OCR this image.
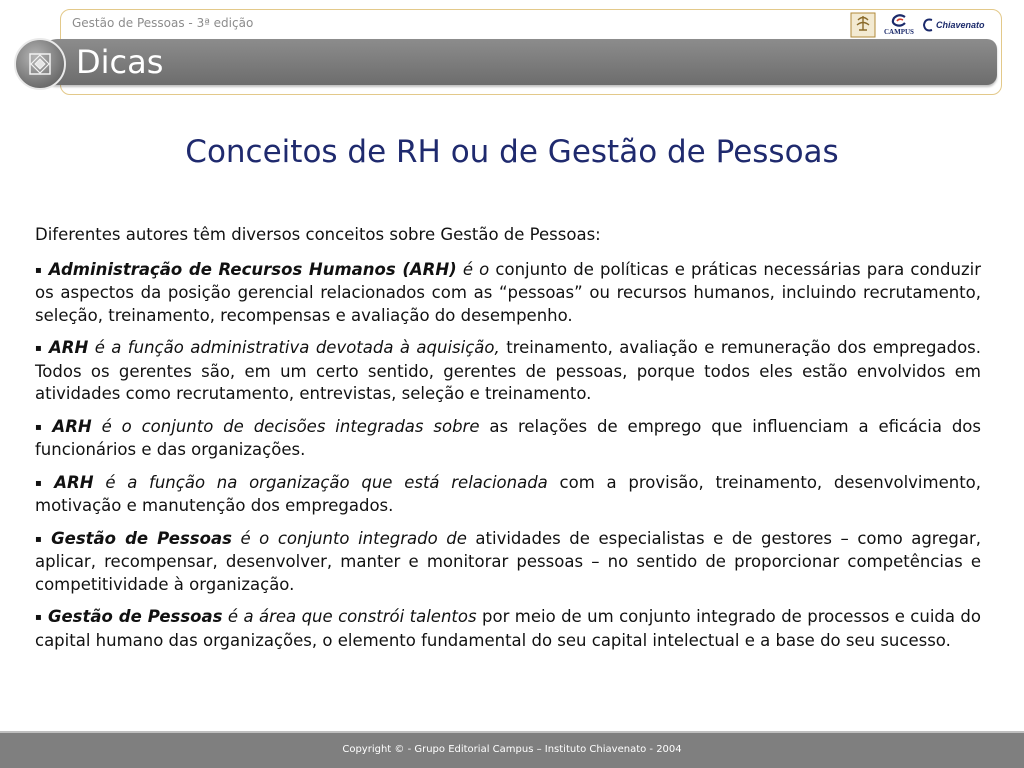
Gestão de Pessoas - 3ª edição
CAMPUS
Chiavenato
Dicas
Conceitos de RH ou de Gestão de Pessoas

Diferentes autores têm diversos conceitos sobre Gestão de Pessoas:

▪ Administração de Recursos Humanos (ARH) é o conjunto de políticas e práticas necessárias para conduzir os aspectos da posição gerencial relacionados com as “pessoas” ou recursos humanos, incluindo recrutamento, seleção, treinamento, recompensas e avaliação do desempenho.

▪ ARH é a função administrativa devotada à aquisição, treinamento, avaliação e remuneração dos empregados. Todos os gerentes são, em um certo sentido, gerentes de pessoas, porque todos eles estão envolvidos em atividades como recrutamento, entrevistas, seleção e treinamento.

▪ ARH é o conjunto de decisões integradas sobre as relações de emprego que influenciam a eficácia dos funcionários e das organizações.

▪ ARH é a função na organização que está relacionada com a provisão, treinamento, desenvolvimento, motivação e manutenção dos empregados.

▪ Gestão de Pessoas é o conjunto integrado de atividades de especialistas e de gestores – como agregar, aplicar, recompensar, desenvolver, manter e monitorar pessoas – no sentido de proporcionar competências e competitividade à organização.

▪ Gestão de Pessoas é a área que constrói talentos por meio de um conjunto integrado de processos e cuida do capital humano das organizações, o elemento fundamental do seu capital intelectual e a base do seu sucesso.

Copyright © - Grupo Editorial Campus – Instituto Chiavenato - 2004
